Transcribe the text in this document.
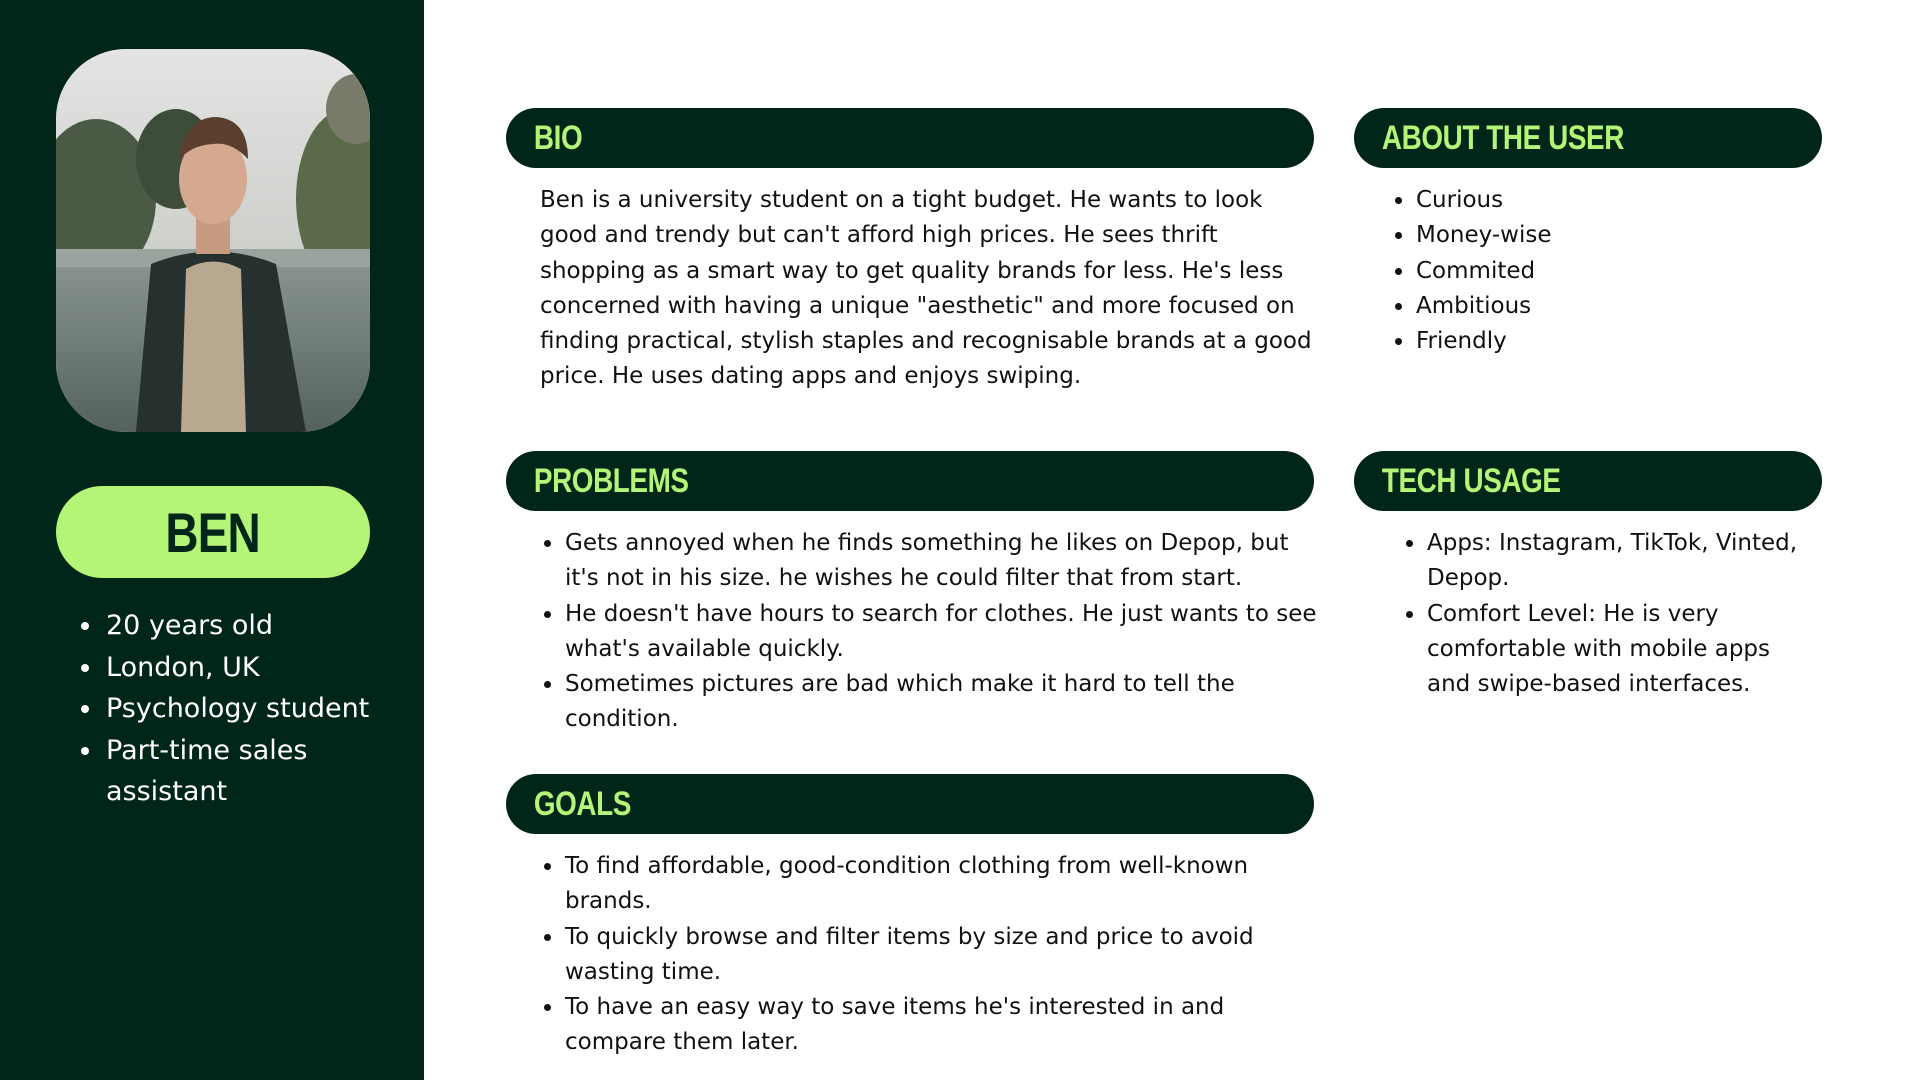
BEN
• 20 years old
• London, UK
• Psychology student
• Part-time sales assistant
BIO

Ben is a university student on a tight budget. He wants to look good and trendy but can't afford high prices. He sees thrift shopping as a smart way to get quality brands for less. He's less concerned with having a unique "aesthetic" and more focused on finding practical, stylish staples and recognisable brands at a good price. He uses dating apps and enjoys swiping.

ABOUT THE USER
• Curious
• Money-wise
• Commited
• Ambitious
• Friendly
PROBLEMS
• Gets annoyed when he finds something he likes on Depop, but it's not in his size. he wishes he could filter that from start.
• He doesn't have hours to search for clothes. He just wants to see what's available quickly.
• Sometimes pictures are bad which make it hard to tell the condition.
TECH USAGE
• Apps: Instagram, TikTok, Vinted, Depop.
• Comfort Level: He is very comfortable with mobile apps and swipe-based interfaces.
GOALS
• To find affordable, good-condition clothing from well-known brands.
• To quickly browse and filter items by size and price to avoid wasting time.
• To have an easy way to save items he's interested in and compare them later.
